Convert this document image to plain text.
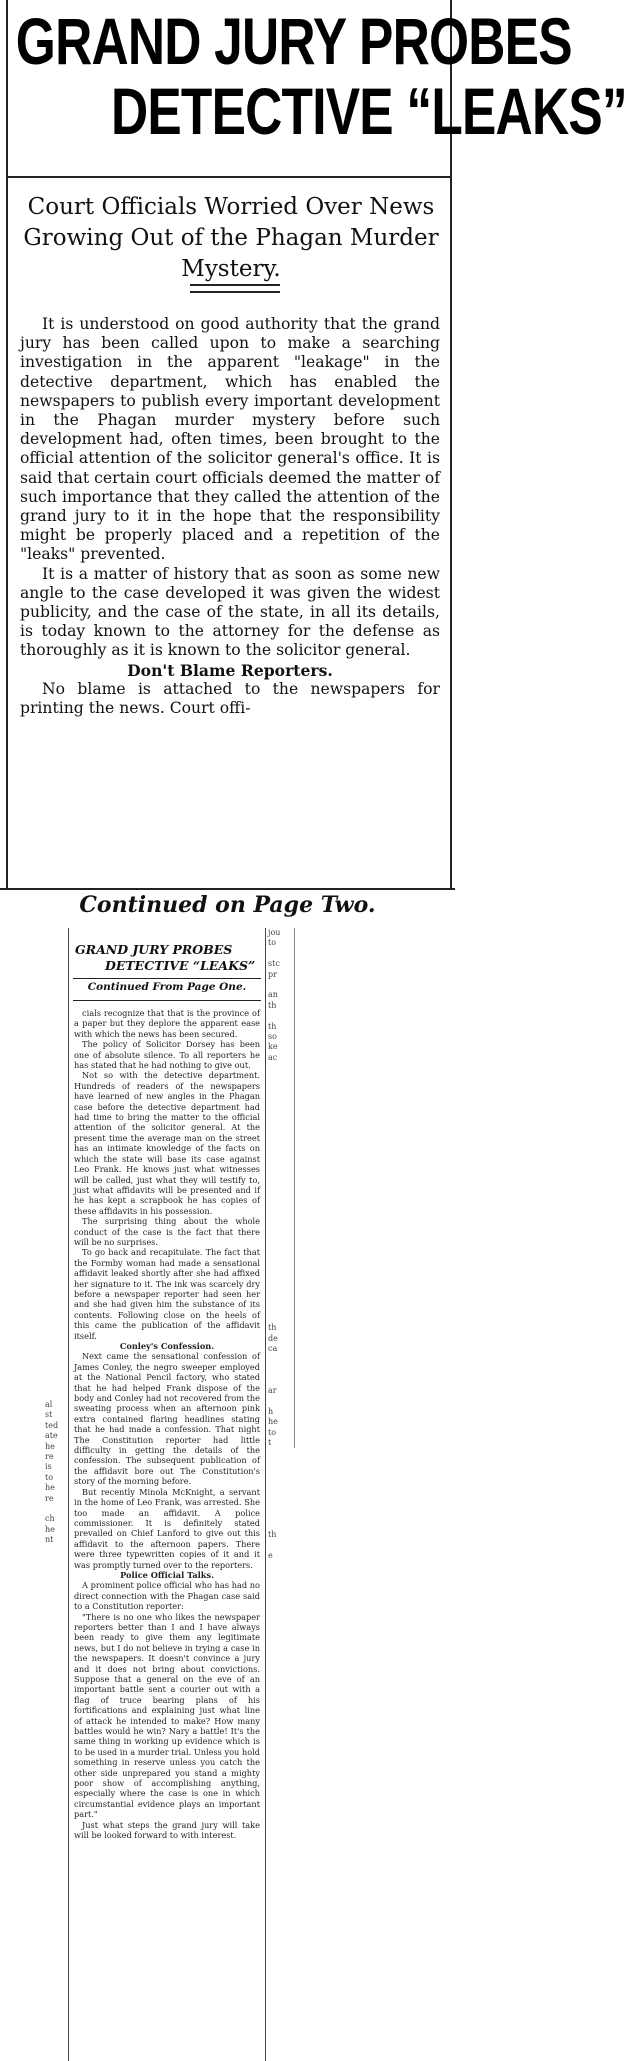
GRAND JURY PROBES
DETECTIVE “LEAKS”
Court Officials Worried Over News Growing Out of the Phagan Murder Mystery.

It is understood on good authority that the grand jury has been called upon to make a searching investigation in the apparent "leakage" in the detective department, which has enabled the newspapers to publish every important development in the Phagan murder mystery before such development had, often times, been brought to the official attention of the solicitor general's office. It is said that certain court officials deemed the matter of such importance that they called the attention of the grand jury to it in the hope that the responsibility might be properly placed and a repetition of the "leaks" prevented.

It is a matter of history that as soon as some new angle to the case developed it was given the widest publicity, and the case of the state, in all its details, is today known to the attorney for the defense as thoroughly as it is known to the solicitor general.

Don't Blame Reporters.

No blame is attached to the newspapers for printing the news. Court offi-

Continued on Page Two.
al
st
ted
ate
he
re
is
to
he
re

ch
he
nt
jou
to

stc
pr

an
th

th
so
ke
ac

th
de
ca

ar

h
he
to
t
th

e
GRAND JURY PROBES
DETECTIVE “LEAKS”
Continued From Page One.

cials recognize that that is the province of a paper but they deplore the apparent ease with which the news has been secured.

The policy of Solicitor Dorsey has been one of absolute silence. To all reporters he has stated that he had nothing to give out.

Not so with the detective department. Hundreds of readers of the newspapers have learned of new angles in the Phagan case before the detective department had had time to bring the matter to the official attention of the solicitor general. At the present time the average man on the street has an intimate knowledge of the facts on which the state will base its case against Leo Frank. He knows just what witnesses will be called, just what they will testify to, just what affidavits will be presented and if he has kept a scrapbook he has copies of these affidavits in his possession.

The surprising thing about the whole conduct of the case is the fact that there will be no surprises.

To go back and recapitulate. The fact that the Formby woman had made a sensational affidavit leaked shortly after she had affixed her signature to it. The ink was scarcely dry before a newspaper reporter had seen her and she had given him the substance of its contents. Following close on the heels of this came the publication of the affidavit itself.

Conley's Confession.

Next came the sensational confession of James Conley, the negro sweeper employed at the National Pencil factory, who stated that he had helped Frank dispose of the body and Conley had not recovered from the sweating process when an afternoon pink extra contained flaring headlines stating that he had made a confession. That night The Constitution reporter had little difficulty in getting the details of the confession. The subsequent publication of the affidavit bore out The Constitution's story of the morning before.

But recently Minola McKnight, a servant in the home of Leo Frank, was arrested. She too made an affidavit. A police commissioner. It is definitely stated prevailed on Chief Lanford to give out this affidavit to the afternoon papers. There were three typewritten copies of it and it was promptly turned over to the reporters.

Police Official Talks.

A prominent police official who has had no direct connection with the Phagan case said to a Constitution reporter:

"There is no one who likes the newspaper reporters better than I and I have always been ready to give them any legitimate news, but I do not believe in trying a case in the newspapers. It doesn't convince a jury and it does not bring about convictions. Suppose that a general on the eve of an important battle sent a courier out with a flag of truce bearing plans of his fortifications and explaining just what line of attack he intended to make? How many battles would he win? Nary a battle! It's the same thing in working up evidence which is to be used in a murder trial. Unless you hold something in reserve unless you catch the other side unprepared you stand a mighty poor show of accomplishing anything, especially where the case is one in which circumstantial evidence plays an important part."

Just what steps the grand jury will take will be looked forward to with interest.
